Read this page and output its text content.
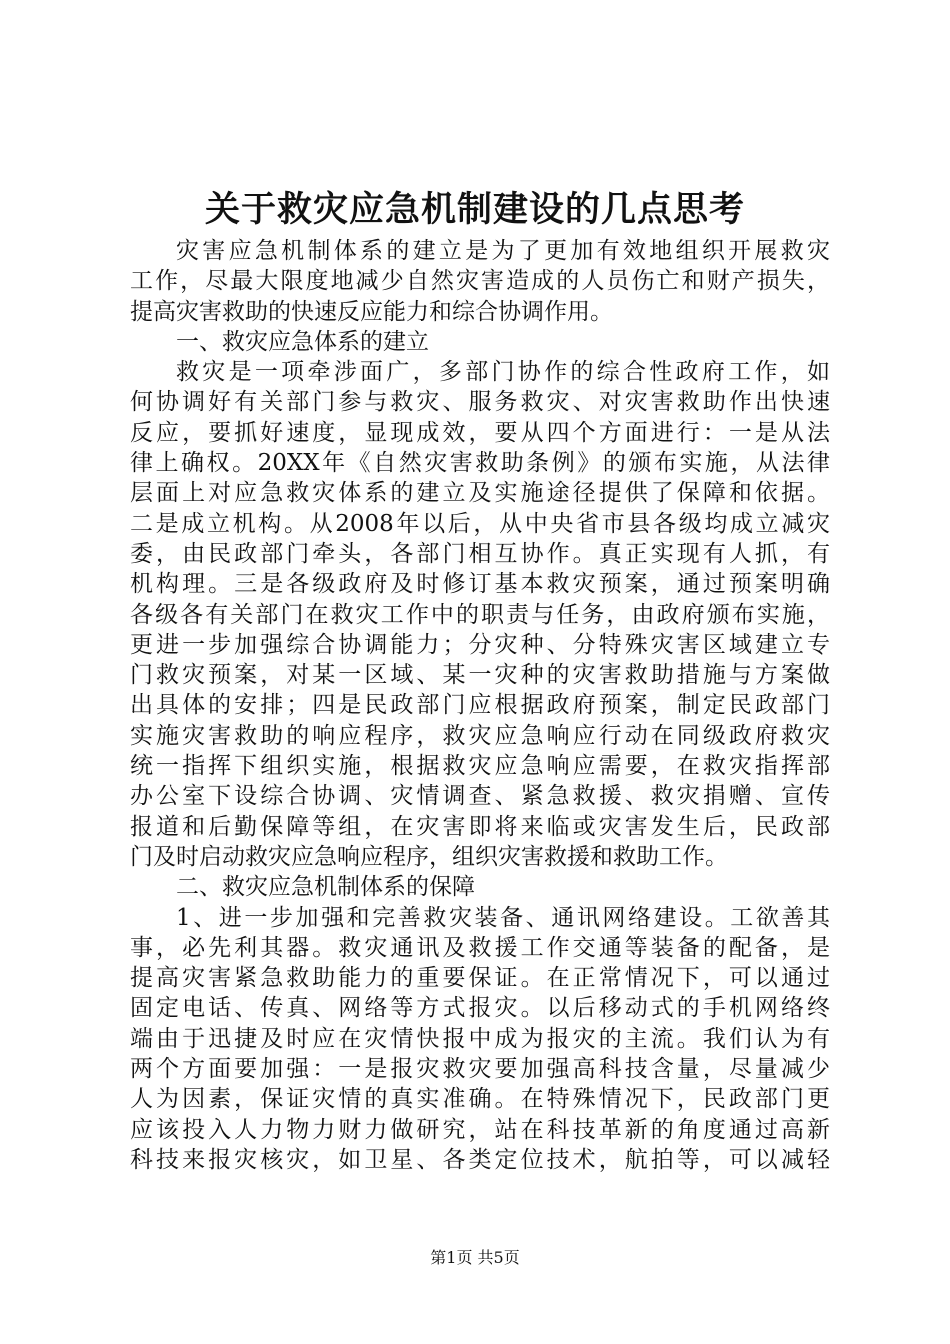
关于救灾应急机制建设的几点思考
灾害应急机制体系的建立是为了更加有效地组织开展救灾
工作，尽最大限度地减少自然灾害造成的人员伤亡和财产损失，
提高灾害救助的快速反应能力和综合协调作用。
一、救灾应急体系的建立
救灾是一项牵涉面广，多部门协作的综合性政府工作，如
何协调好有关部门参与救灾、服务救灾、对灾害救助作出快速
反应，要抓好速度，显现成效，要从四个方面进行：一是从法
律上确权。20XX年《自然灾害救助条例》的颁布实施，从法律
层面上对应急救灾体系的建立及实施途径提供了保障和依据。
二是成立机构。从2008年以后，从中央省市县各级均成立减灾
委，由民政部门牵头，各部门相互协作。真正实现有人抓，有
机构理。三是各级政府及时修订基本救灾预案，通过预案明确
各级各有关部门在救灾工作中的职责与任务，由政府颁布实施，
更进一步加强综合协调能力；分灾种、分特殊灾害区域建立专
门救灾预案，对某一区域、某一灾种的灾害救助措施与方案做
出具体的安排；四是民政部门应根据政府预案，制定民政部门
实施灾害救助的响应程序，救灾应急响应行动在同级政府救灾
统一指挥下组织实施，根据救灾应急响应需要，在救灾指挥部
办公室下设综合协调、灾情调查、紧急救援、救灾捐赠、宣传
报道和后勤保障等组，在灾害即将来临或灾害发生后，民政部
门及时启动救灾应急响应程序，组织灾害救援和救助工作。
二、救灾应急机制体系的保障
1、进一步加强和完善救灾装备、通讯网络建设。工欲善其
事，必先利其器。救灾通讯及救援工作交通等装备的配备，是
提高灾害紧急救助能力的重要保证。在正常情况下，可以通过
固定电话、传真、网络等方式报灾。以后移动式的手机网络终
端由于迅捷及时应在灾情快报中成为报灾的主流。我们认为有
两个方面要加强：一是报灾救灾要加强高科技含量，尽量减少
人为因素，保证灾情的真实准确。在特殊情况下，民政部门更
应该投入人力物力财力做研究，站在科技革新的角度通过高新
科技来报灾核灾，如卫星、各类定位技术，航拍等，可以减轻
第1页 共5页
